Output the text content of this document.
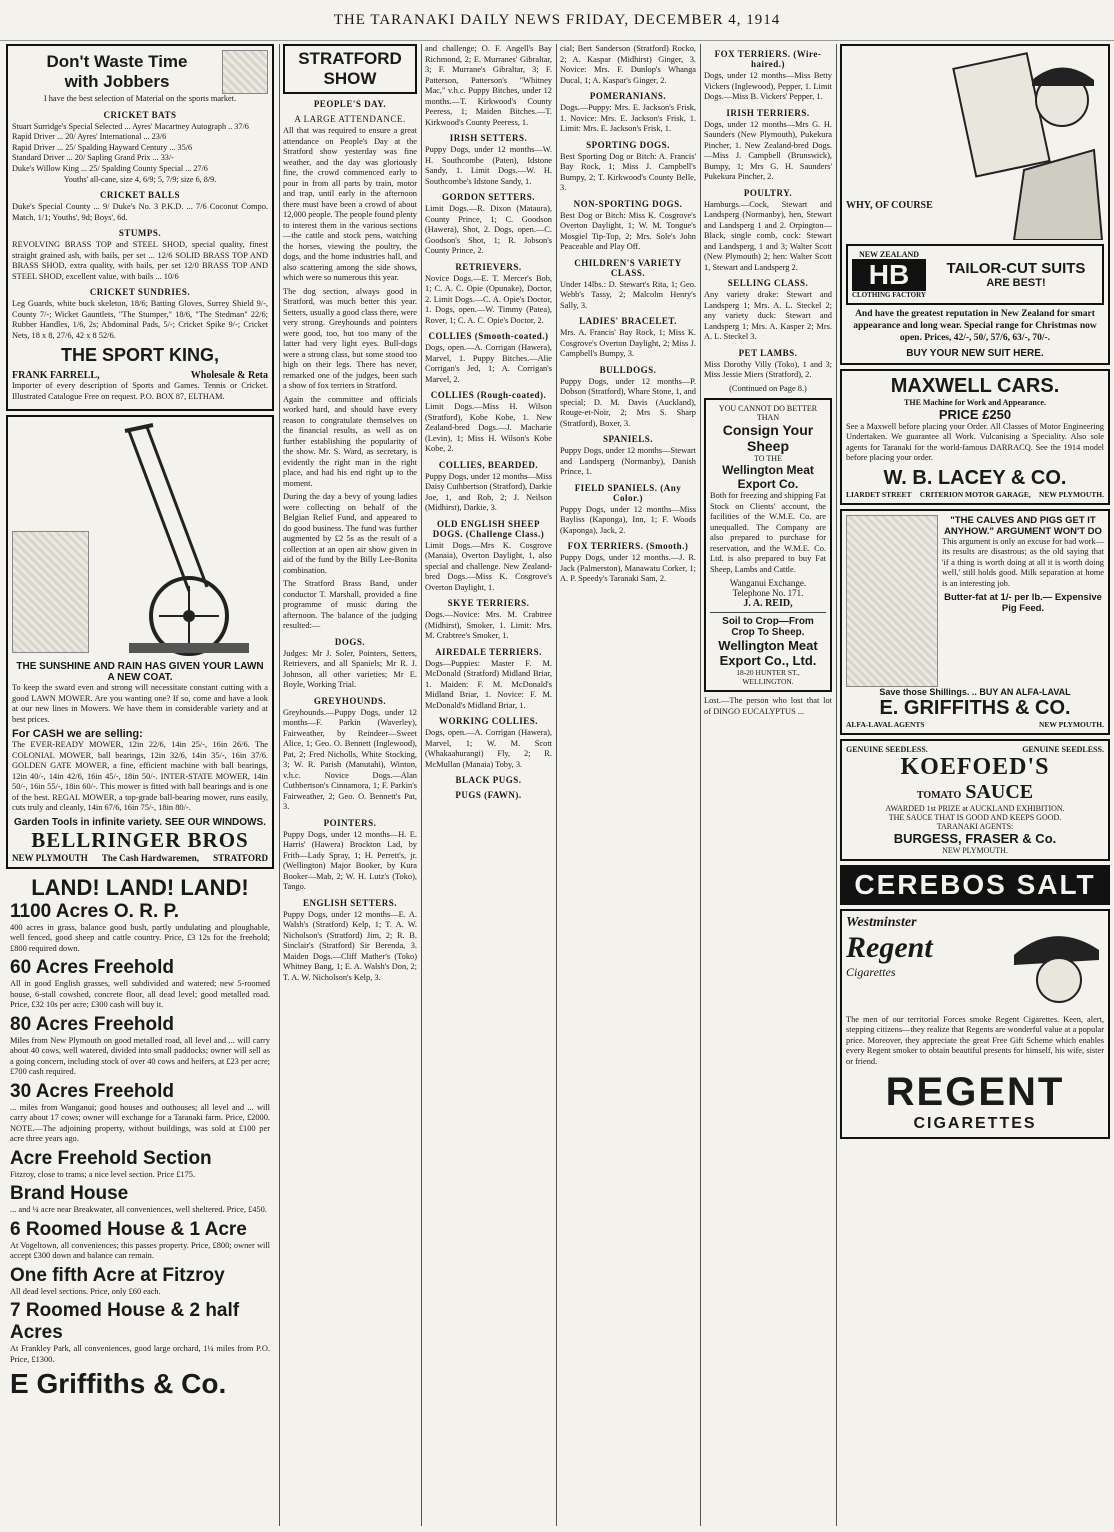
THE TARANAKI DAILY NEWS FRIDAY, DECEMBER 4, 1914
Don't Waste Time
with Jobbers

I have the best selection of Material on the sports market.

CRICKET BATS
Stuart Surridge's Special Selected ... Ayres' Macartney Autograph .. 37/6
Rapid Driver ... 20/ Ayres' International ... 23/6
Rapid Driver ... 25/ Spalding Hayward Century ... 35/6
Standard Driver ... 20/ Sapling Grand Prix ... 33/-
Duke's Willow King ... 25/ Spalding County Special ... 27/6
Youths' all-cane, size 4, 6/9; 5, 7/9; size 6, 8/9.
CRICKET BALLS

Duke's Special County ... 9/ Duke's No. 3 P.K.D. ... 7/6 Coconut Compo. Match, 1/1; Youths', 9d; Boys', 6d.

STUMPS.

REVOLVING BRASS TOP and STEEL SHOD, special quality, finest straight grained ash, with bails, per set ... 12/6 SOLID BRASS TOP AND BRASS SHOD, extra quality, with bails, per set 12/0 BRASS TOP AND STEEL SHOD, excellent value, with bails ... 10/6

CRICKET SUNDRIES.

Leg Guards, white buck skeleton, 18/6; Batting Gloves, Surrey Shield 9/-, County 7/-; Wicket Gauntlets, "The Stumper," 18/6, "The Stedman" 22/6; Rubber Handles, 1/6, 2s; Abdominal Pads, 5/-; Cricket Spike 9/-; Cricket Nets, 18 x 8, 27/6, 42 x 8 52/6.

THE SPORT KING,
FRANK FARRELL,	Wholesale & Reta

Importer of every description of Sports and Games. Tennis or Cricket. Illustrated Catalogue Free on request. P.O. BOX 87, ELTHAM.

THE SUNSHINE AND RAIN HAS GIVEN YOUR LAWN A NEW COAT.

To keep the sward even and strong will necessitate constant cutting with a good LAWN MOWER. Are you wanting one? If so, come and have a look at our new lines in Mowers. We have them in considerable variety and at best prices.

For CASH we are selling:

The EVER-READY MOWER, 12in 22/6, 14in 25/-, 16in 26/6. The COLONIAL MOWER, ball bearings, 12in 32/6, 14in 35/-, 16in 37/6. GOLDEN GATE MOWER, a fine, efficient machine with ball bearings, 12in 40/-, 14in 42/6, 16in 45/-, 18in 50/-. INTER-STATE MOWER, 14in 50/-, 16in 55/-, 18in 60/-. This mower is fitted with ball bearings and is one of the best. REGAL MOWER, a top-grade ball-bearing mower, runs easily, cuts truly and cleanly, 14in 67/6, 16in 75/-, 18in 80/-.

Garden Tools in infinite variety. SEE OUR WINDOWS.
BELLRINGER BROS
NEW PLYMOUTH The Cash Hardwaremen, STRATFORD
LAND! LAND! LAND!
1100 Acres O. R. P.

400 acres in grass, balance good bush, partly undulating and ploughable, well fenced, good sheep and cattle country. Price, £3 12s for the freehold; £800 required down.

60 Acres Freehold

All in good English grasses, well subdivided and watered; new 5-roomed house, 6-stall cowshed, concrete floor, all dead level; good metalled road. Price, £32 10s per acre; £300 cash will buy it.

80 Acres Freehold

Miles from New Plymouth on good metalled road, all level and ... will carry about 40 cows, well watered, divided into small paddocks; owner will sell as a going concern, including stock of over 40 cows and heifers, at £23 per acre; £700 cash required.

30 Acres Freehold

... miles from Wanganui; good houses and outhouses; all level and ... will carry about 17 cows; owner will exchange for a Taranaki farm. Price, £2000. NOTE.—The adjoining property, without buildings, was sold at £100 per acre three years ago.

Acre Freehold Section

Fitzroy, close to trams; a nice level section. Price £175.

Brand House

... and ¼ acre near Breakwater, all conveniences, well sheltered. Price, £450.

6 Roomed House & 1 Acre

At Vogeltown, all conveniences; this passes property. Price, £800; owner will accept £300 down and balance can remain.

One fifth Acre at Fitzroy

All dead level sections. Price, only £60 each.

7 Roomed House & 2 half Acres

At Frankley Park, all conveniences, good large orchard, 1¼ miles from P.O. Price, £1300.

E Griffiths & Co.
STRATFORD SHOW
PEOPLE'S DAY.
A LARGE ATTENDANCE.

All that was required to ensure a great attendance on People's Day at the Stratford show yesterday was fine weather, and the day was gloriously fine, the crowd commenced early to pour in from all parts by train, motor and trap, until early in the afternoon there must have been a crowd of about 12,000 people. The people found plenty to interest them in the various sections—the cattle and stock pens, watching the horses, viewing the poultry, the dogs, and the home industries hall, and also scattering among the side shows, which were so numerous this year.

The dog section, always good in Stratford, was much better this year. Setters, usually a good class there, were very strong. Greyhounds and pointers were good, too, but too many of the latter had very light eyes. Bull-dogs were a strong class, but some stood too high on their legs. There has never, remarked one of the judges, been such a show of fox terriers in Stratford.

Again the committee and officials worked hard, and should have every reason to congratulate themselves on the financial results, as well as on further establishing the popularity of the show. Mr. S. Ward, as secretary, is evidently the right man in the right place, and had his end right up to the moment.

During the day a bevy of young ladies were collecting on behalf of the Belgian Relief Fund, and appeared to do good business. The fund was further augmented by £2 5s as the result of a collection at an open air show given in aid of the fund by the Billy Lee-Bonita combination.

The Stratford Brass Band, under conductor T. Marshall, provided a fine programme of music during the afternoon. The balance of the judging resulted:—

DOGS.

Judges: Mr J. Soler, Pointers, Setters, Retrievers, and all Spaniels; Mr R. J. Johnson, all other varieties; Mr E. Boyle, Working Trial.

GREYHOUNDS.

Greyhounds.—Puppy Dogs, under 12 months—F. Parkin (Waverley), Fairweather, by Reindeer—Sweet Alice, 1; Geo. O. Bennett (Inglewood), Pat, 2; Fred Nicholls, White Stocking, 3; W. R. Parish (Manutahi), Winton, v.h.c. Novice Dogs.—Alan Cuthbertson's Cinnamora, 1; F. Parkin's Fairweather, 2; Geo. O. Bennett's Pat, 3.

POINTERS.

Puppy Dogs, under 12 months—H. E. Harris' (Hawera) Brockton Lad, by Frith—Lady Spray, 1; H. Perrett's, jr. (Wellington) Major Booker, by Kura Booker—Mab, 2; W. H. Lutz's (Toko), Tango.

ENGLISH SETTERS.

Puppy Dogs, under 12 months—E. A. Walsh's (Stratford) Kelp, 1; T. A. W. Nicholson's (Stratford) Jim, 2; R. B. Sinclair's (Stratford) Sir Berenda, 3. Maiden Dogs.—Cliff Mather's (Toko) Whitney Bang, 1; E. A. Walsh's Don, 2; T. A. W. Nicholson's Kelp, 3.

and challenge; O. F. Angell's Bay Richmond, 2; E. Murranes' Gibraltar, 3; F. Murrane's Gibraltar, 3; F. Patterson, Patterson's "Whitney Mac," v.h.c. Puppy Bitches, under 12 months.—T. Kirkwood's County Peeress, 1; Maiden Bitches.—T. Kirkwood's County Peeress, 1.

IRISH SETTERS.

Puppy Dogs, under 12 months—W. H. Southcombe (Paten), Idstone Sandy, 1. Limit Dogs.—W. H. Southcombe's Idstone Sandy, 1.

GORDON SETTERS.

Limit Dogs.—R. Dixon (Mataura), County Prince, 1; C. Goodson (Hawera), Shot, 2. Dogs, open.—C. Goodson's Shot, 1; R. Jobson's County Prince, 2.

RETRIEVERS.

Novice Dogs.—E. T. Mercer's Bob, 1; C. A. C. Opie (Opunake), Doctor, 2. Limit Dogs.—C. A. Opie's Doctor, 1. Dogs, open.—W. Timmy (Patea), Rover, 1; C. A. C. Opie's Doctor, 2.

COLLIES (Smooth-coated.)

Dogs, open.—A. Corrigan (Hawera), Marvel, 1. Puppy Bitches.—Alie Corrigan's Jed, 1; A. Corrigan's Marvel, 2.

COLLIES (Rough-coated).

Limit Dogs.—Miss H. Wilson (Stratford), Kobe Kobe, 1. New Zealand-bred Dogs.—J. Macharie (Levin), 1; Miss H. Wilson's Kobe Kobe, 2.

COLLIES, BEARDED.

Puppy Dogs, under 12 months—Miss Daisy Cuthbertson (Stratford), Darkie Joe, 1, and Rob, 2; J. Neilson (Midhirst), Darkie, 3.

OLD ENGLISH SHEEP DOGS. (Challenge Class.)

Limit Dogs.—Mrs K. Cosgrove (Manaia), Overton Daylight, 1, also special and challenge. New Zealand-bred Dogs.—Miss K. Cosgrove's Overton Daylight, 1.

SKYE TERRIERS.

Dogs.—Novice: Mrs. M. Crabtree (Midhirst), Smoker, 1. Limit: Mrs. M. Crabtree's Smoker, 1.

AIREDALE TERRIERS.

Dogs—Puppies: Master F. M. McDonald (Stratford) Midland Briar, 1. Maiden: F. M. McDonald's Midland Briar, 1. Novice: F. M. McDonald's Midland Briar, 1.

WORKING COLLIES.

Dogs, open.—A. Corrigan (Hawera), Marvel, 1; W. M. Scott (Whakaahurangi) Fly, 2; R. McMullan (Manaia) Toby, 3.

BLACK PUGS.
PUGS (FAWN).

cial; Bert Sanderson (Stratford) Rocko, 2; A. Kaspar (Midhirst) Ginger, 3. Novice: Mrs. F. Dunlop's Whanga Ducal, 1; A. Kaspar's Ginger, 2.

POMERANIANS.

Dogs.—Puppy: Mrs. E. Jackson's Frisk, 1. Novice: Mrs. E. Jackson's Frisk, 1. Limit: Mrs. E. Jackson's Frisk, 1.

SPORTING DOGS.

Best Sporting Dog or Bitch: A. Francis' Bay Rock, 1; Miss J. Campbell's Bumpy, 2; T. Kirkwood's County Belle, 3.

NON-SPORTING DOGS.

Best Dog or Bitch: Miss K. Cosgrove's Overton Daylight, 1; W. M. Tongue's Mosgiel Tip-Top, 2; Mrs. Sole's John Peaceable and Play Off.

CHILDREN'S VARIETY CLASS.

Under 14lbs.: D. Stewart's Rita, 1; Geo. Webb's Tassy, 2; Malcolm Henry's Sally, 3.

LADIES' BRACELET.

Mrs. A. Francis' Bay Rock, 1; Miss K. Cosgrove's Overton Daylight, 2; Miss J. Campbell's Bumpy, 3.

BULLDOGS.

Puppy Dogs, under 12 months—P. Dobson (Stratford), Whare Stone, 1, and special; D. M. Davis (Auckland), Rouge-et-Noir, 2; Mrs S. Sharp (Stratford), Boxer, 3.

SPANIELS.

Puppy Dogs, under 12 months—Stewart and Landsperg (Normanby), Danish Prince, 1.

FIELD SPANIELS. (Any Color.)

Puppy Dogs, under 12 months—Miss Bayliss (Kaponga), Inn, 1; F. Woods (Kaponga), Jack, 2.

FOX TERRIERS. (Smooth.)

Puppy Dogs, under 12 months.—J. R. Jack (Palmerston), Manawatu Corker, 1; A. P. Speedy's Taranaki Sam, 2.

FOX TERRIERS. (Wire-haired.)

Dogs, under 12 months—Miss Betty Vickers (Inglewood), Pepper, 1. Limit Dogs.—Miss B. Vickers' Pepper, 1.

IRISH TERRIERS.

Dogs, under 12 months—Mrs G. H. Saunders (New Plymouth), Pukekura Pincher, 1. New Zealand-bred Dogs.—Miss J. Campbell (Brunswick), Bumpy, 1; Mrs G. H. Saunders' Pukekura Pincher, 2.

POULTRY.

Hamburgs.—Cock, Stewart and Landsperg (Normanby), hen, Stewart and Landsperg 1 and 2. Orpington—Black, single comb, cock: Stewart and Landsperg, 1 and 3; Walter Scott (New Plymouth) 2; hen: Walter Scott 1, Stewart and Landsperg 2.

SELLING CLASS.

Any variety drake: Stewart and Landsperg 1; Mrs. A. L. Steckel 2; any variety duck: Stewart and Landsperg 1; Mrs. A. Kasper 2; Mrs. A. L. Steckel 3.

PET LAMBS.

Miss Dorothy Villy (Toko), 1 and 3; Miss Jessie Miers (Stratford), 2.

(Continued on Page 8.)

YOU CANNOT DO BETTER
THAN
Consign Your Sheep
TO THE
Wellington Meat Export Co.

Both for freezing and shipping Fat Stock on Clients' account, the facilities of the W.M.E. Co. are unequalled. The Company are also prepared to purchase for reservation, and the W.M.E. Co. Ltd. is also prepared to buy Fat Sheep, Lambs and Cattle.

Wanganui Exchange.
Telephone No. 171.
J. A. REID,
Soil to Crop—From Crop To Sheep.
Wellington Meat Export Co., Ltd.
18-20 HUNTER ST., WELLINGTON.

Lost.—The person who lost that lot of DINGO EUCALYPTUS ...

WHY, OF COURSE
NEW ZEALAND
HB
CLOTHING FACTORY
TAILOR-CUT SUITS
ARE BEST!

And have the greatest reputation in New Zealand for smart appearance and long wear. Special range for Christmas now open. Prices, 42/-, 50/, 57/6, 63/-, 70/-.

BUY YOUR NEW SUIT HERE.
MAXWELL CARS.
THE Machine for Work and Appearance.
PRICE £250

See a Maxwell before placing your Order. All Classes of Motor Engineering Undertaken. We guarantee all Work. Vulcanising a Speciality. Also sole agents for Taranaki for the world-famous DARRACQ. See the 1914 model before placing your order.

W. B. LACEY & CO.
LIARDET STREET CRITERION MOTOR GARAGE, NEW PLYMOUTH.
"THE CALVES AND PIGS GET IT ANYHOW." ARGUMENT WON'T DO

This argument is only an excuse for bad work—its results are disastrous; as the old saying that 'if a thing is worth doing at all it is worth doing well,' still holds good. Milk separation at home is an interesting job.

Butter-fat at 1/- per lb.— Expensive Pig Feed.
Save those Shillings. .. BUY AN ALFA-LAVAL
E. GRIFFITHS & CO.
ALFA-LAVAL AGENTS	NEW PLYMOUTH.
GENUINE SEEDLESS.	GENUINE SEEDLESS.
KOEFOED'S
TOMATO SAUCE
AWARDED 1st PRIZE at AUCKLAND EXHIBITION.
THE SAUCE THAT IS GOOD AND KEEPS GOOD.
TARANAKI AGENTS:
BURGESS, FRASER & Co.
NEW PLYMOUTH.
CEREBOS SALT
Westminster
Regent
Cigarettes

The men of our territorial Forces smoke Regent Cigarettes. Keen, alert, stepping citizens—they realize that Regents are wonderful value at a popular price. Moreover, they appreciate the great Free Gift Scheme which enables every Regent smoker to obtain beautiful presents for himself, his wife, sister or friend.

REGENT
CIGARETTES
